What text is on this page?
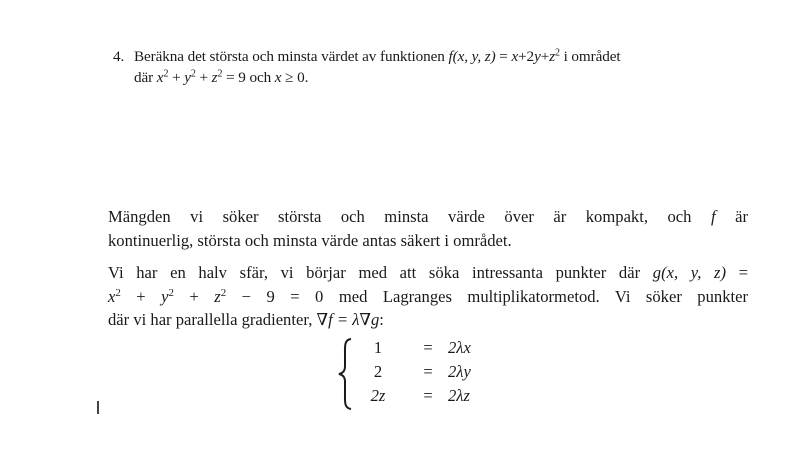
4. Beräkna det största och minsta värdet av funktionen f(x, y, $z) = x+2y+z^2$ i området
där $x^2 + y^2 + z^2 = 9$ och x ≥ 0.
Mängden vi söker största och minsta värde över är kompakt, och f är
kontinuerlig, största och minsta värde antas säkert i området.
Vi har en halv sfär, vi börjar med att söka intressanta punkter där g(x, y, z) =
$x^2 + y^2 + z^2 - 9 = 0$ med Lagranges multiplikatormetod. Vi söker punkter
där vi har parallella gradienter, ∇f = λ∇g:
1	= 2λx
2	= 2λy
2z	= 2λz
